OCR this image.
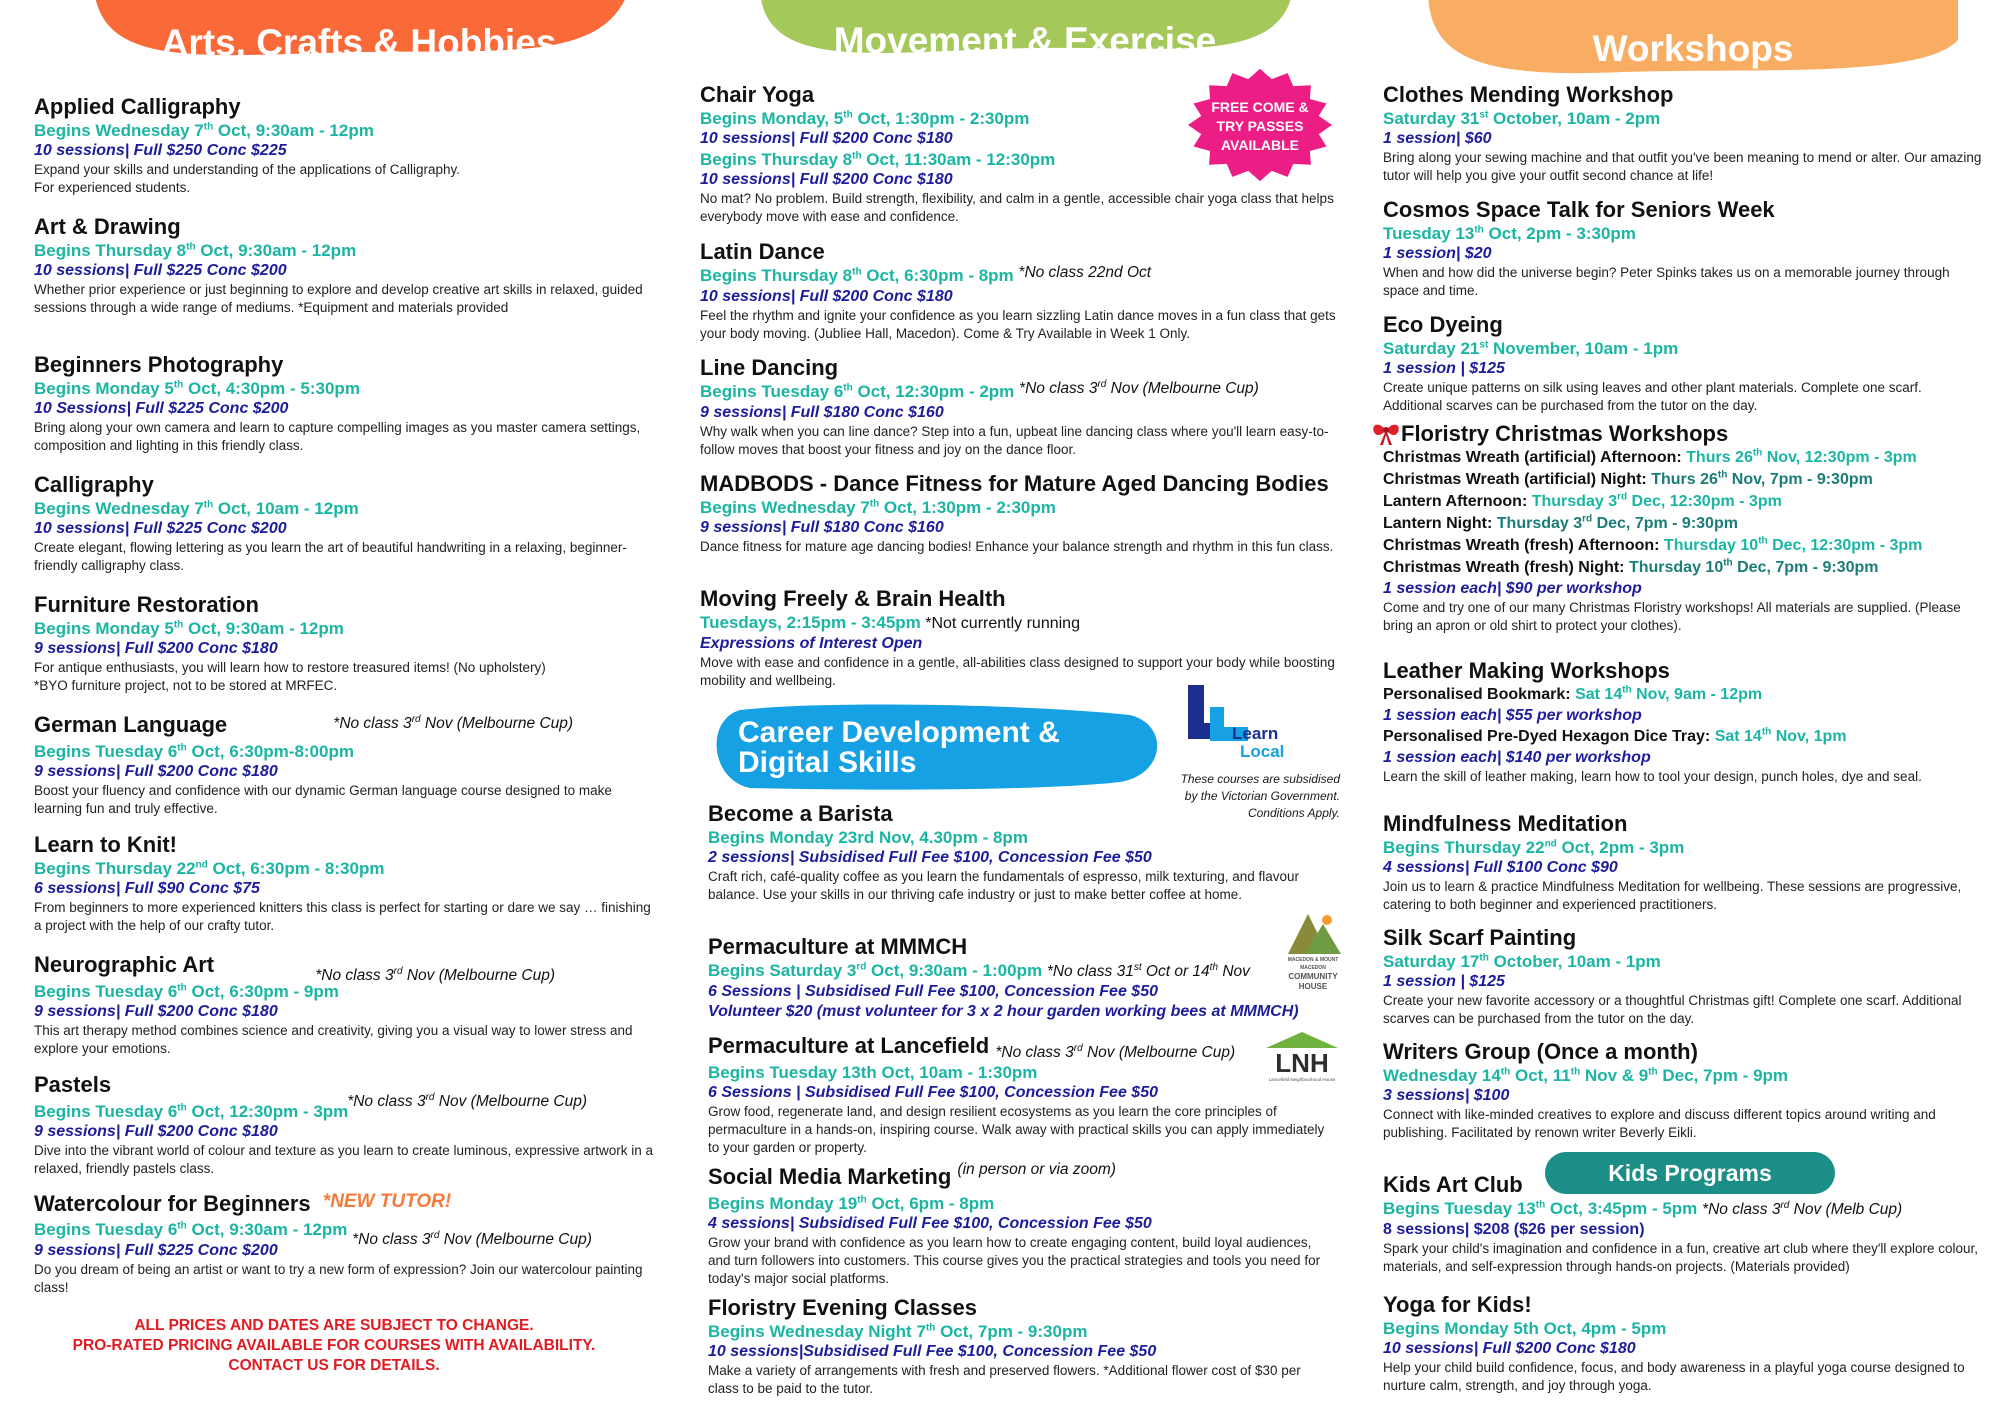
Arts, Crafts & Hobbies
Applied Calligraphy
Begins Wednesday 7th Oct, 9:30am - 12pm
10 sessions| Full $250 Conc $225

Expand your skills and understanding of the applications of Calligraphy.
For experienced students.

Art & Drawing
Begins Thursday 8th Oct, 9:30am - 12pm
10 sessions| Full $225 Conc $200

Whether prior experience or just beginning to explore and develop creative art skills in relaxed, guided sessions through a wide range of mediums. *Equipment and materials provided

Beginners Photography
Begins Monday 5th Oct, 4:30pm - 5:30pm
10 Sessions| Full $225 Conc $200

Bring along your own camera and learn to capture compelling images as you master camera settings, composition and lighting in this friendly class.

Calligraphy
Begins Wednesday 7th Oct, 10am - 12pm
10 sessions| Full $225 Conc $200

Create elegant, flowing lettering as you learn the art of beautiful handwriting in a relaxing, beginner-friendly calligraphy class.

Furniture Restoration
Begins Monday 5th Oct, 9:30am - 12pm
9 sessions| Full $200 Conc $180

For antique enthusiasts, you will learn how to restore treasured items! (No upholstery)
*BYO furniture project, not to be stored at MRFEC.

German Language	*No class 3rd Nov (Melbourne Cup)
Begins Tuesday 6th Oct, 6:30pm-8:00pm
9 sessions| Full $200 Conc $180

Boost your fluency and confidence with our dynamic German language course designed to make learning fun and truly effective.

Learn to Knit!
Begins Thursday 22nd Oct, 6:30pm - 8:30pm
6 sessions| Full $90 Conc $75

From beginners to more experienced knitters this class is perfect for starting or dare we say … finishing a project with the help of our crafty tutor.

Neurographic Art	$_{*No class 3^{rd} Nov (Melbourne Cup)}$
Begins Tuesday 6th Oct, 6:30pm - 9pm
9 sessions| Full $200 Conc $180

This art therapy method combines science and creativity, giving you a visual way to lower stress and explore your emotions.

Pastels $_{*No class 3^{rd} Nov (Melbourne Cup)}$
Begins Tuesday 6th Oct, 12:30pm - 3pm
9 sessions| Full $200 Conc $180

Dive into the vibrant world of colour and texture as you learn to create luminous, expressive artwork in a relaxed, friendly pastels class.

Watercolour for Beginners *NEW TUTOR!
Begins Tuesday 6th Oct, 9:30am - 12pm *No class 3rd Nov (Melbourne Cup)
9 sessions| Full $225 Conc $200

Do you dream of being an artist or want to try a new form of expression? Join our watercolour painting class!

ALL PRICES AND DATES ARE SUBJECT TO CHANGE.
PRO-RATED PRICING AVAILABLE FOR COURSES WITH AVAILABILITY.
CONTACT US FOR DETAILS.
Movement & Exercise
FREE COME &
TRY PASSES
AVAILABLE
Chair Yoga
Begins Monday, 5th Oct, 1:30pm - 2:30pm
10 sessions| Full $200 Conc $180
Begins Thursday 8th Oct, 11:30am - 12:30pm
10 sessions| Full $200 Conc $180

No mat? No problem. Build strength, flexibility, and calm in a gentle, accessible chair yoga class that helps everybody move with ease and confidence.

Latin Dance
Begins Thursday 8th Oct, 6:30pm - 8pm *No class 22nd Oct
10 sessions| Full $200 Conc $180

Feel the rhythm and ignite your confidence as you learn sizzling Latin dance moves in a fun class that gets your body moving. (Jubliee Hall, Macedon). Come & Try Available in Week 1 Only.

Line Dancing
Begins Tuesday 6th Oct, 12:30pm - 2pm *No class 3rd Nov (Melbourne Cup)
9 sessions| Full $180 Conc $160

Why walk when you can line dance? Step into a fun, upbeat line dancing class where you'll learn easy-to-follow moves that boost your fitness and joy on the dance floor.

MADBODS - Dance Fitness for Mature Aged Dancing Bodies
Begins Wednesday 7th Oct, 1:30pm - 2:30pm
9 sessions| Full $180 Conc $160

Dance fitness for mature age dancing bodies! Enhance your balance strength and rhythm in this fun class.

Moving Freely & Brain Health
Tuesdays, 2:15pm - 3:45pm *Not currently running
Expressions of Interest Open

Move with ease and confidence in a gentle, all-abilities class designed to support your body while boosting mobility and wellbeing.

Career Development &
Digital Skills
Learn
Local
These courses are subsidised
by the Victorian Government.
Conditions Apply.
Become a Barista
Begins Monday 23rd Nov, 4.30pm - 8pm
2 sessions| Subsidised Full Fee $100, Concession Fee $50

Craft rich, café-quality coffee as you learn the fundamentals of espresso, milk texturing, and flavour balance. Use your skills in our thriving cafe industry or just to make better coffee at home.

MACEDON & MOUNT MACEDON
COMMUNITY
HOUSE
Permaculture at MMMCH
Begins Saturday 3rd Oct, 9:30am - 1:00pm *No class 31st Oct or 14th Nov
6 Sessions | Subsidised Full Fee $100, Concession Fee $50
Volunteer $20 (must volunteer for 3 x 2 hour garden working bees at MMMCH)
LNH
Lancefield Neighbourhood House
Permaculture at Lancefield *No class 3rd Nov (Melbourne Cup)
Begins Tuesday 13th Oct, 10am - 1:30pm
6 Sessions | Subsidised Full Fee $100, Concession Fee $50

Grow food, regenerate land, and design resilient ecosystems as you learn the core principles of permaculture in a hands-on, inspiring course. Walk away with practical skills you can apply immediately to your garden or property.

Social Media Marketing $^{(in person or via zoom)}$
Begins Monday 19th Oct, 6pm - 8pm
4 sessions| Subsidised Full Fee $100, Concession Fee $50

Grow your brand with confidence as you learn how to create engaging content, build loyal audiences, and turn followers into customers. This course gives you the practical strategies and tools you need for today's major social platforms.

Floristry Evening Classes
Begins Wednesday Night 7th Oct, 7pm - 9:30pm
10 sessions|Subsidised Full Fee $100, Concession Fee $50

Make a variety of arrangements with fresh and preserved flowers. *Additional flower cost of $30 per class to be paid to the tutor.

Workshops
Clothes Mending Workshop
Saturday 31st October, 10am - 2pm
1 session| $60

Bring along your sewing machine and that outfit you've been meaning to mend or alter. Our amazing tutor will help you give your outfit second chance at life!

Cosmos Space Talk for Seniors Week
Tuesday 13th Oct, 2pm - 3:30pm
1 session| $20

When and how did the universe begin? Peter Spinks takes us on a memorable journey through space and time.

Eco Dyeing
Saturday 21st November, 10am - 1pm
1 session | $125

Create unique patterns on silk using leaves and other plant materials. Complete one scarf. Additional scarves can be purchased from the tutor on the day.

Floristry Christmas Workshops
Christmas Wreath (artificial) Afternoon: Thurs 26th Nov, 12:30pm - 3pm
Christmas Wreath (artificial) Night: Thurs 26th Nov, 7pm - 9:30pm
Lantern Afternoon: Thursday 3rd Dec, 12:30pm - 3pm
Lantern Night: Thursday 3rd Dec, 7pm - 9:30pm
Christmas Wreath (fresh) Afternoon: Thursday 10th Dec, 12:30pm - 3pm
Christmas Wreath (fresh) Night: Thursday 10th Dec, 7pm - 9:30pm
1 session each| $90 per workshop

Come and try one of our many Christmas Floristry workshops! All materials are supplied. (Please bring an apron or old shirt to protect your clothes).

Leather Making Workshops
Personalised Bookmark: Sat 14th Nov, 9am - 12pm
1 session each| $55 per workshop
Personalised Pre-Dyed Hexagon Dice Tray: Sat 14th Nov, 1pm
1 session each| $140 per workshop

Learn the skill of leather making, learn how to tool your design, punch holes, dye and seal.

Mindfulness Meditation
Begins Thursday 22nd Oct, 2pm - 3pm
4 sessions| Full $100 Conc $90

Join us to learn & practice Mindfulness Meditation for wellbeing. These sessions are progressive, catering to both beginner and experienced practitioners.

Silk Scarf Painting
Saturday 17th October, 10am - 1pm
1 session | $125

Create your new favorite accessory or a thoughtful Christmas gift! Complete one scarf. Additional scarves can be purchased from the tutor on the day.

Writers Group (Once a month)
Wednesday 14th Oct, 11th Nov & 9th Dec, 7pm - 9pm
3 sessions| $100

Connect with like-minded creatives to explore and discuss different topics around writing and publishing. Facilitated by renown writer Beverly Eikli.

Kids Programs
Kids Art Club
Begins Tuesday 13th Oct, 3:45pm - 5pm *No class 3rd Nov (Melb Cup)
8 sessions| $208 ($26 per session)

Spark your child's imagination and confidence in a fun, creative art club where they'll explore colour, materials, and self-expression through hands-on projects. (Materials provided)

Yoga for Kids!
Begins Monday 5th Oct, 4pm - 5pm
10 sessions| Full $200 Conc $180

Help your child build confidence, focus, and body awareness in a playful yoga course designed to nurture calm, strength, and joy through yoga.
